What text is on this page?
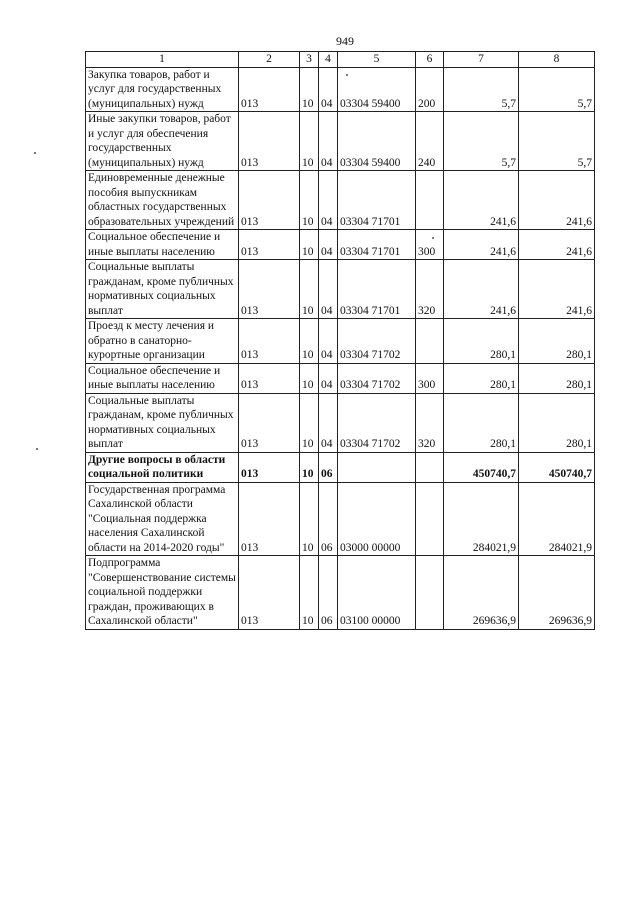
949
1	2	3	4	5	6	7	8
Закупка товаров, работ и услуг для государственных (муниципальных) нужд	013	10	04	03304 59400	200	5,7	5,7
Иные закупки товаров, работ и услуг для обеспечения государственных (муниципальных) нужд	013	10	04	03304 59400	240	5,7	5,7
Единовременные денежные пособия выпускникам областных государственных образовательных учреждений	013	10	04	03304 71701		241,6	241,6
Социальное обеспечение и иные выплаты населению	013	10	04	03304 71701	300	241,6	241,6
Социальные выплаты гражданам, кроме публичных нормативных социальных выплат	013	10	04	03304 71701	320	241,6	241,6
Проезд к месту лечения и обратно в санаторно-курортные организации	013	10	04	03304 71702		280,1	280,1
Социальное обеспечение и иные выплаты населению	013	10	04	03304 71702	300	280,1	280,1
Социальные выплаты гражданам, кроме публичных нормативных социальных выплат	013	10	04	03304 71702	320	280,1	280,1
Другие вопросы в области социальной политики	013	10	06			450740,7	450740,7
Государственная программа Сахалинской области "Социальная поддержка населения Сахалинской области на 2014-2020 годы"	013	10	06	03000 00000		284021,9	284021,9
Подпрограмма "Совершенствование системы социальной поддержки граждан, проживающих в Сахалинской области"	013	10	06	03100 00000		269636,9	269636,9
